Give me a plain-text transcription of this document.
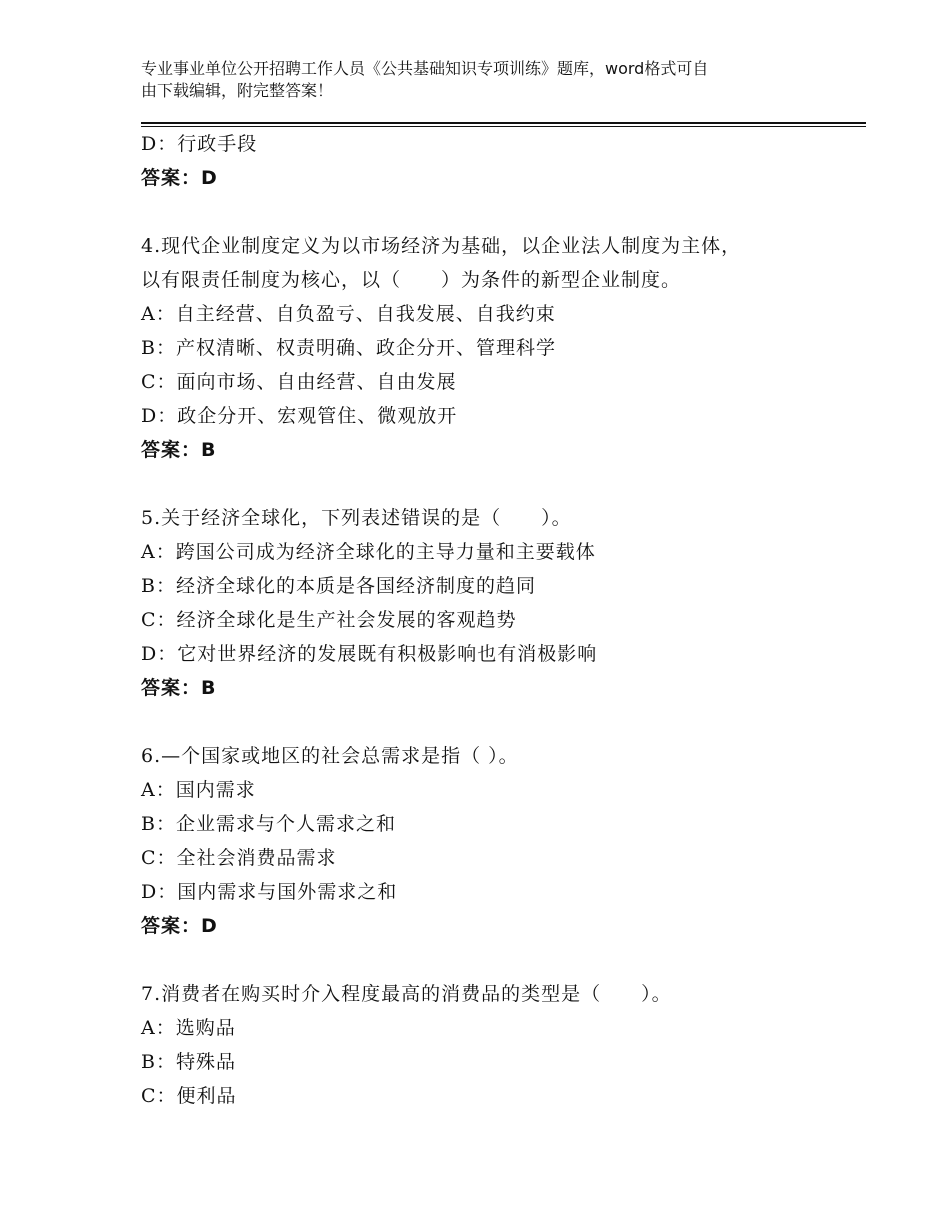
专业事业单位公开招聘工作人员《公共基础知识专项训练》题库，word格式可自
由下载编辑，附完整答案！
D：行政手段
答案：D
4.现代企业制度定义为以市场经济为基础，以企业法人制度为主体，
以有限责任制度为核心，以（　　）为条件的新型企业制度。
A：自主经营、自负盈亏、自我发展、自我约束
B：产权清晰、权责明确、政企分开、管理科学
C：面向市场、自由经营、自由发展
D：政企分开、宏观管住、微观放开
答案：B
5.关于经济全球化，下列表述错误的是（　　）。
A：跨国公司成为经济全球化的主导力量和主要载体
B：经济全球化的本质是各国经济制度的趋同
C：经济全球化是生产社会发展的客观趋势
D：它对世界经济的发展既有积极影响也有消极影响
答案：B
6.—个国家或地区的社会总需求是指（ ）。
A：国内需求
B：企业需求与个人需求之和
C：全社会消费品需求
D：国内需求与国外需求之和
答案：D
7.消费者在购买时介入程度最高的消费品的类型是（　　）。
A：选购品
B：特殊品
C：便利品
